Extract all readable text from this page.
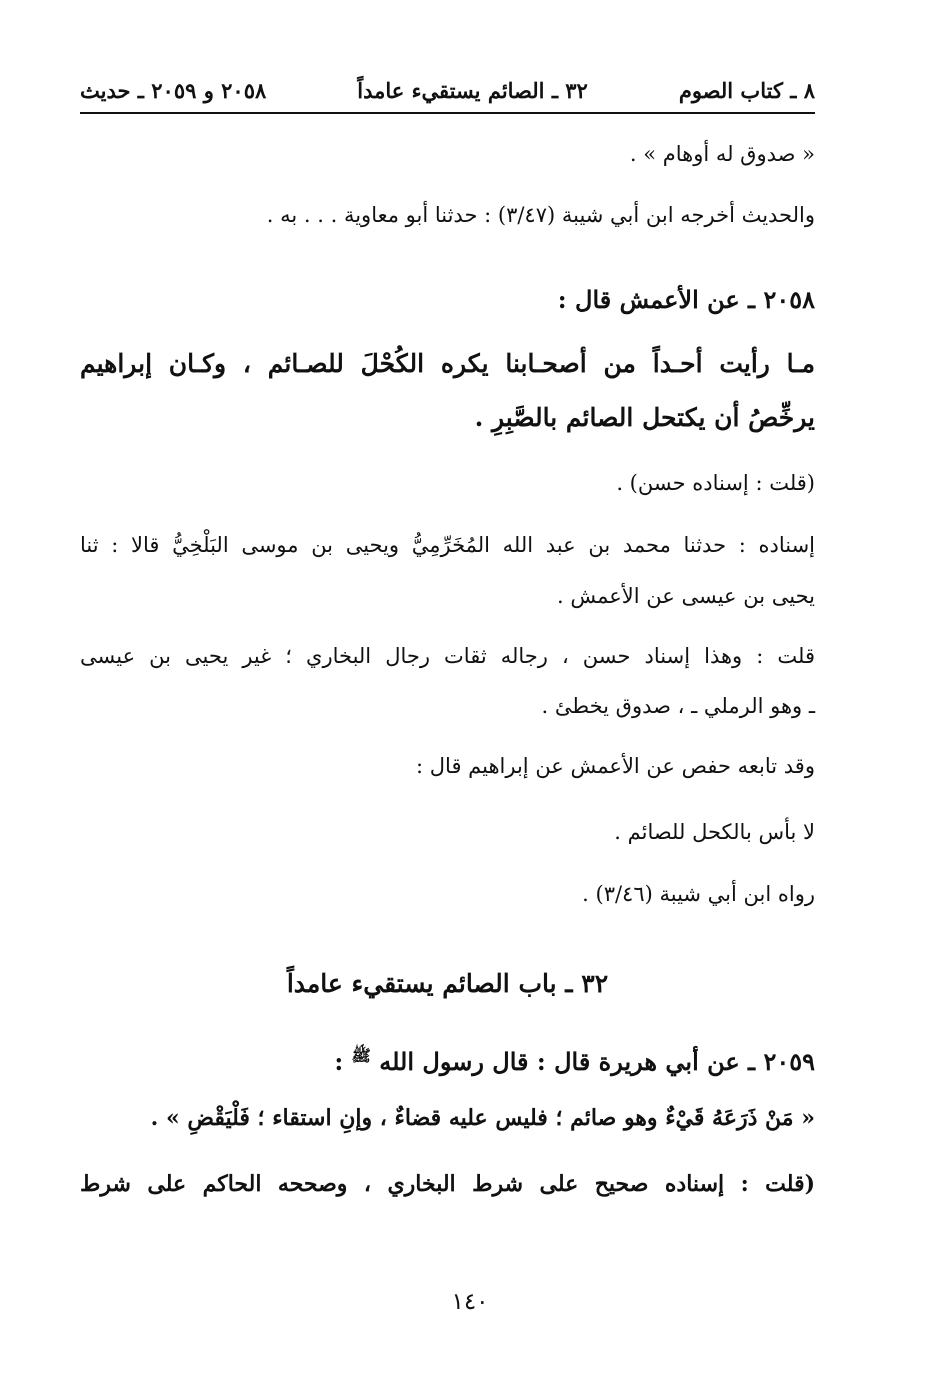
٨ ـ كتاب الصوم
٣٢ ـ الصائم يستقيء عامداً
٢٠٥٨ و ٢٠٥٩ ـ حديث
« صدوق له أوهام » .
والحديث أخرجه ابن أبي شيبة (٣/٤٧) : حدثنا أبو معاوية . . . به .
٢٠٥٨ ـ عن الأعمش قال :
مـا رأيت أحـداً من أصحـابنا يكره الكُحْلَ للصـائم ، وكـان إبراهيم
يرخِّصُ أن يكتحل الصائم بالصَّبِرِ .
(قلت : إسناده حسن) .
إسناده : حدثنا محمد بن عبد الله المُخَرِّمِيُّ ويحيى بن موسى البَلْخِيُّ قالا : ثنا
يحيى بن عيسى عن الأعمش .
قلت : وهذا إسناد حسن ، رجاله ثقات رجال البخاري ؛ غير يحيى بن عيسى
ـ وهو الرملي ـ ، صدوق يخطئ .
وقد تابعه حفص عن الأعمش عن إبراهيم قال :
لا بأس بالكحل للصائم .
رواه ابن أبي شيبة (٣/٤٦) .
٣٢ ـ باب الصائم يستقيء عامداً
٢٠٥٩ ـ عن أبي هريرة قال : قال رسول الله ﷺ :
« مَنْ ذَرَعَهُ قَيْءٌ وهو صائم ؛ فليس عليه قضاءٌ ، وإنِ استقاء ؛ فَلْيَقْضِ » .
(قلت : إسناده صحيح على شرط البخاري ، وصححه الحاكم على شرط
١٤٠
